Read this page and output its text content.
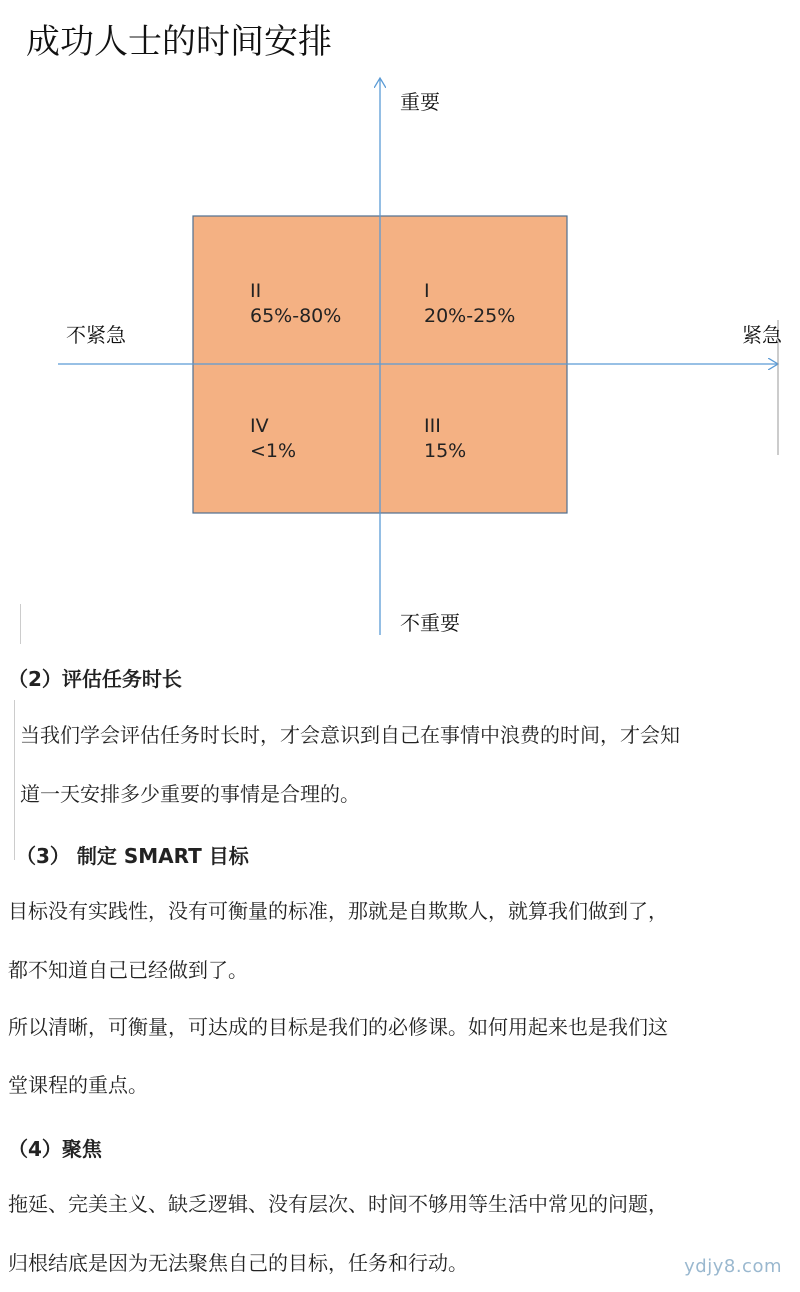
成功人士的时间安排
重要
不重要
不紧急	紧急
II
65%-80%
I
20%-25%
IV
<1%
III
15%
（2）评估任务时长
当我们学会评估任务时长时，才会意识到自己在事情中浪费的时间，才会知
道一天安排多少重要的事情是合理的。
（3） 制定 SMART 目标
目标没有实践性，没有可衡量的标准，那就是自欺欺人，就算我们做到了，
都不知道自己已经做到了。
所以清晰，可衡量，可达成的目标是我们的必修课。如何用起来也是我们这
堂课程的重点。
（4）聚焦
拖延、完美主义、缺乏逻辑、没有层次、时间不够用等生活中常见的问题，
归根结底是因为无法聚焦自己的目标，任务和行动。	ydjy8.com
